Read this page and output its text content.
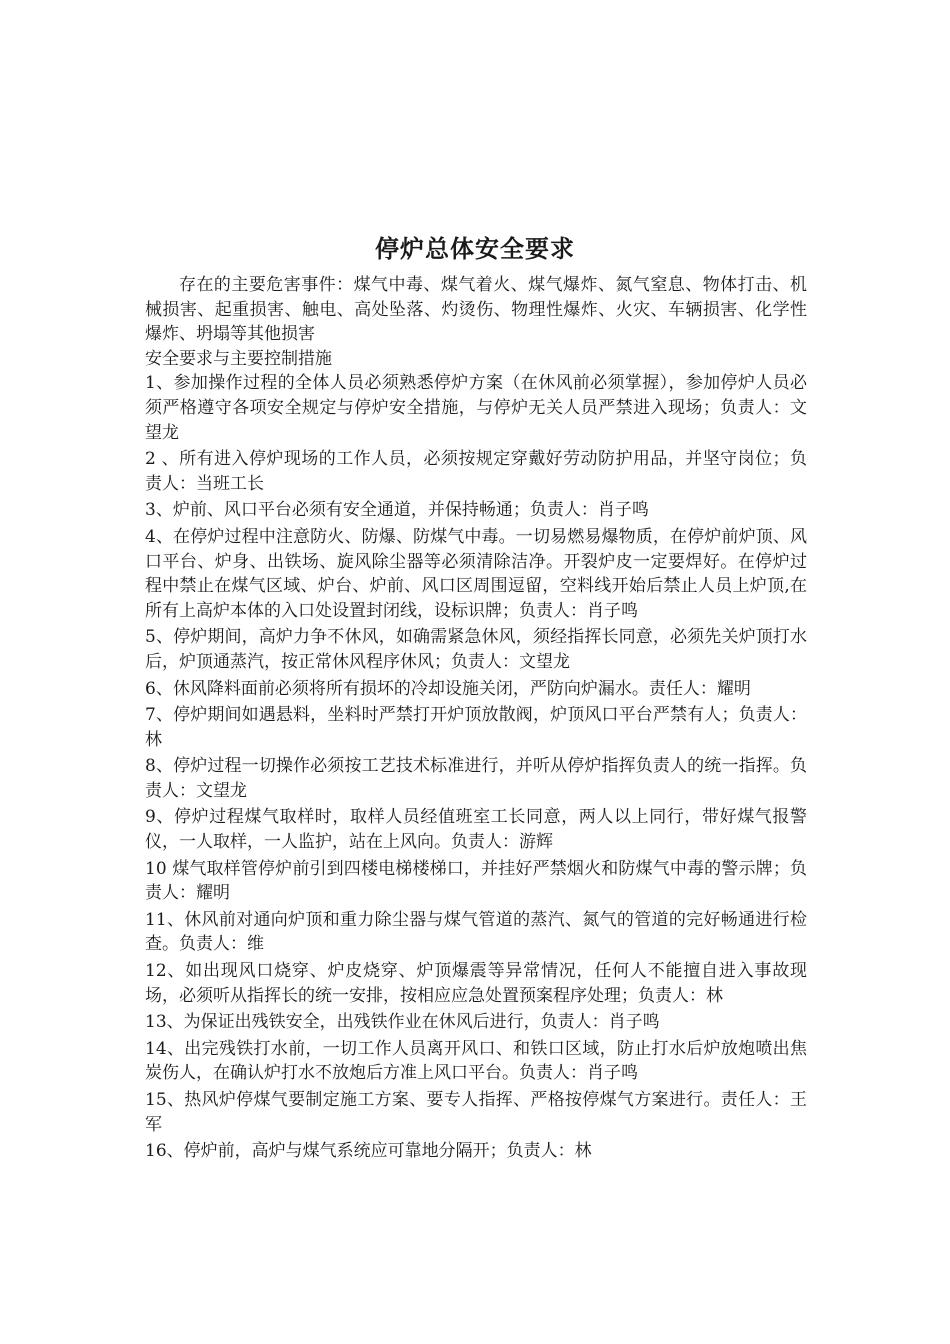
停炉总体安全要求

存在的主要危害事件：煤气中毒、煤气着火、煤气爆炸、氮气窒息、物体打击、机械损害、起重损害、触电、高处坠落、灼烫伤、物理性爆炸、火灾、车辆损害、化学性爆炸、坍塌等其他损害

安全要求与主要控制措施

1、参加操作过程的全体人员必须熟悉停炉方案（在休风前必须掌握），参加停炉人员必须严格遵守各项安全规定与停炉安全措施，与停炉无关人员严禁进入现场；负责人：文望龙

2 、所有进入停炉现场的工作人员，必须按规定穿戴好劳动防护用品，并坚守岗位；负责人：当班工长

3、炉前、风口平台必须有安全通道，并保持畅通；负责人：肖子鸣

4、在停炉过程中注意防火、防爆、防煤气中毒。一切易燃易爆物质，在停炉前炉顶、风口平台、炉身、出铁场、旋风除尘器等必须清除洁净。开裂炉皮一定要焊好。在停炉过程中禁止在煤气区域、炉台、炉前、风口区周围逗留，空料线开始后禁止人员上炉顶,在所有上高炉本体的入口处设置封闭线，设标识牌；负责人：肖子鸣

5、停炉期间，高炉力争不休风，如确需紧急休风，须经指挥长同意，必须先关炉顶打水后，炉顶通蒸汽，按正常休风程序休风；负责人：文望龙

6、休风降料面前必须将所有损坏的冷却设施关闭，严防向炉漏水。责任人：耀明

7、停炉期间如遇悬料，坐料时严禁打开炉顶放散阀，炉顶风口平台严禁有人；负责人：林

8、停炉过程一切操作必须按工艺技术标准进行，并听从停炉指挥负责人的统一指挥。负责人：文望龙

9、停炉过程煤气取样时，取样人员经值班室工长同意，两人以上同行，带好煤气报警仪，一人取样，一人监护，站在上风向。负责人：游辉

10 煤气取样管停炉前引到四楼电梯楼梯口，并挂好严禁烟火和防煤气中毒的警示牌；负责人：耀明

11、休风前对通向炉顶和重力除尘器与煤气管道的蒸汽、氮气的管道的完好畅通进行检查。负责人：维

12、如出现风口烧穿、炉皮烧穿、炉顶爆震等异常情况，任何人不能擅自进入事故现场，必须听从指挥长的统一安排，按相应应急处置预案程序处理；负责人：林

13、为保证出残铁安全，出残铁作业在休风后进行，负责人：肖子鸣

14、出完残铁打水前，一切工作人员离开风口、和铁口区域，防止打水后炉放炮喷出焦炭伤人，在确认炉打水不放炮后方准上风口平台。负责人：肖子鸣

15、热风炉停煤气要制定施工方案、要专人指挥、严格按停煤气方案进行。责任人：王军

16、停炉前，高炉与煤气系统应可靠地分隔开；负责人：林
